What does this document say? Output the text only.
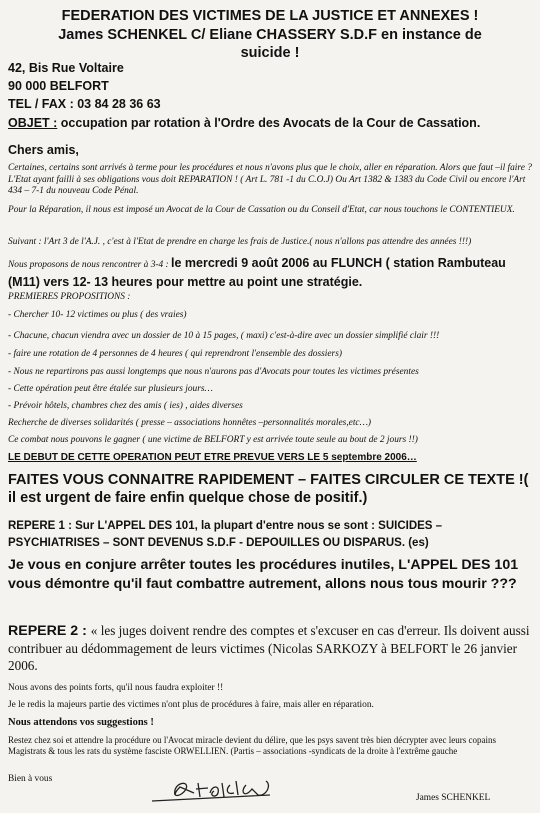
FEDERATION DES VICTIMES DE LA JUSTICE ET ANNEXES !
James SCHENKEL C/ Eliane CHASSERY S.D.F en instance de
suicide !
42, Bis Rue Voltaire
90 000 BELFORT
TEL / FAX : 03 84 28 36 63
OBJET : occupation par rotation à l'Ordre des Avocats de la Cour de Cassation.
Chers amis,
Certaines, certains sont arrivés à terme pour les procédures et nous n'avons plus que le choix, aller en réparation. Alors que faut –il faire ? L'Etat ayant failli à ses obligations vous doit REPARATION ! ( Art L. 781 -1 du C.O.J) Ou Art 1382 & 1383 du Code Civil ou encore l'Art 434 – 7-1 du nouveau Code Pénal.
Pour la Réparation, il nous est imposé un Avocat de la Cour de Cassation ou du Conseil d'Etat, car nous touchons le CONTENTIEUX.
Suivant : l'Art 3 de l'A.J. , c'est à l'Etat de prendre en charge les frais de Justice.( nous n'allons pas attendre des années !!!)
Nous proposons de nous rencontrer à 3-4 : le mercredi 9 août 2006 au FLUNCH ( station Rambuteau (M11) vers 12- 13 heures pour mettre au point une stratégie.
PREMIERES PROPOSITIONS :
- Chercher 10- 12 victimes ou plus ( des vraies)
- Chacune, chacun viendra avec un dossier de 10 à 15 pages, ( maxi) c'est-à-dire avec un dossier simplifié clair !!!
- faire une rotation de 4 personnes de 4 heures ( qui reprendront l'ensemble des dossiers)
- Nous ne repartirons pas aussi longtemps que nous n'aurons pas d'Avocats pour toutes les victimes présentes
- Cette opération peut être étalée sur plusieurs jours…
- Prévoir hôtels, chambres chez des amis ( ies) , aides diverses
Recherche de diverses solidarités ( presse – associations honnêtes –personnalités morales,etc…)
Ce combat nous pouvons le gagner ( une victime de BELFORT y est arrivée toute seule au bout de 2 jours !!)
LE DEBUT DE CETTE OPERATION PEUT ETRE PREVUE VERS LE 5 septembre 2006…
FAITES VOUS CONNAITRE RAPIDEMENT – FAITES CIRCULER CE TEXTE !( il est urgent de faire enfin quelque chose de positif.)
REPERE 1 : Sur L'APPEL DES 101, la plupart d'entre nous se sont : SUICIDES – PSYCHIATRISES – SONT DEVENUS S.D.F - DEPOUILLES OU DISPARUS. (es)
Je vous en conjure arrêter toutes les procédures inutiles, L'APPEL DES 101 vous démontre qu'il faut combattre autrement, allons nous tous mourir ???
REPERE 2 : « les juges doivent rendre des comptes et s'excuser en cas d'erreur. Ils doivent aussi contribuer au dédommagement de leurs victimes (Nicolas SARKOZY à BELFORT le 26 janvier 2006.
Nous avons des points forts, qu'il nous faudra exploiter !!
Je le redis la majeurs partie des victimes n'ont plus de procédures à faire, mais aller en réparation.
Nous attendons vos suggestions !
Restez chez soi et attendre la procédure ou l'Avocat miracle devient du délire, que les psys savent très bien décrypter avec leurs copains Magistrats & tous les rats du système fasciste ORWELLIEN. (Partis – associations -syndicats de la droite à l'extrême gauche
Bien à vous
James SCHENKEL
